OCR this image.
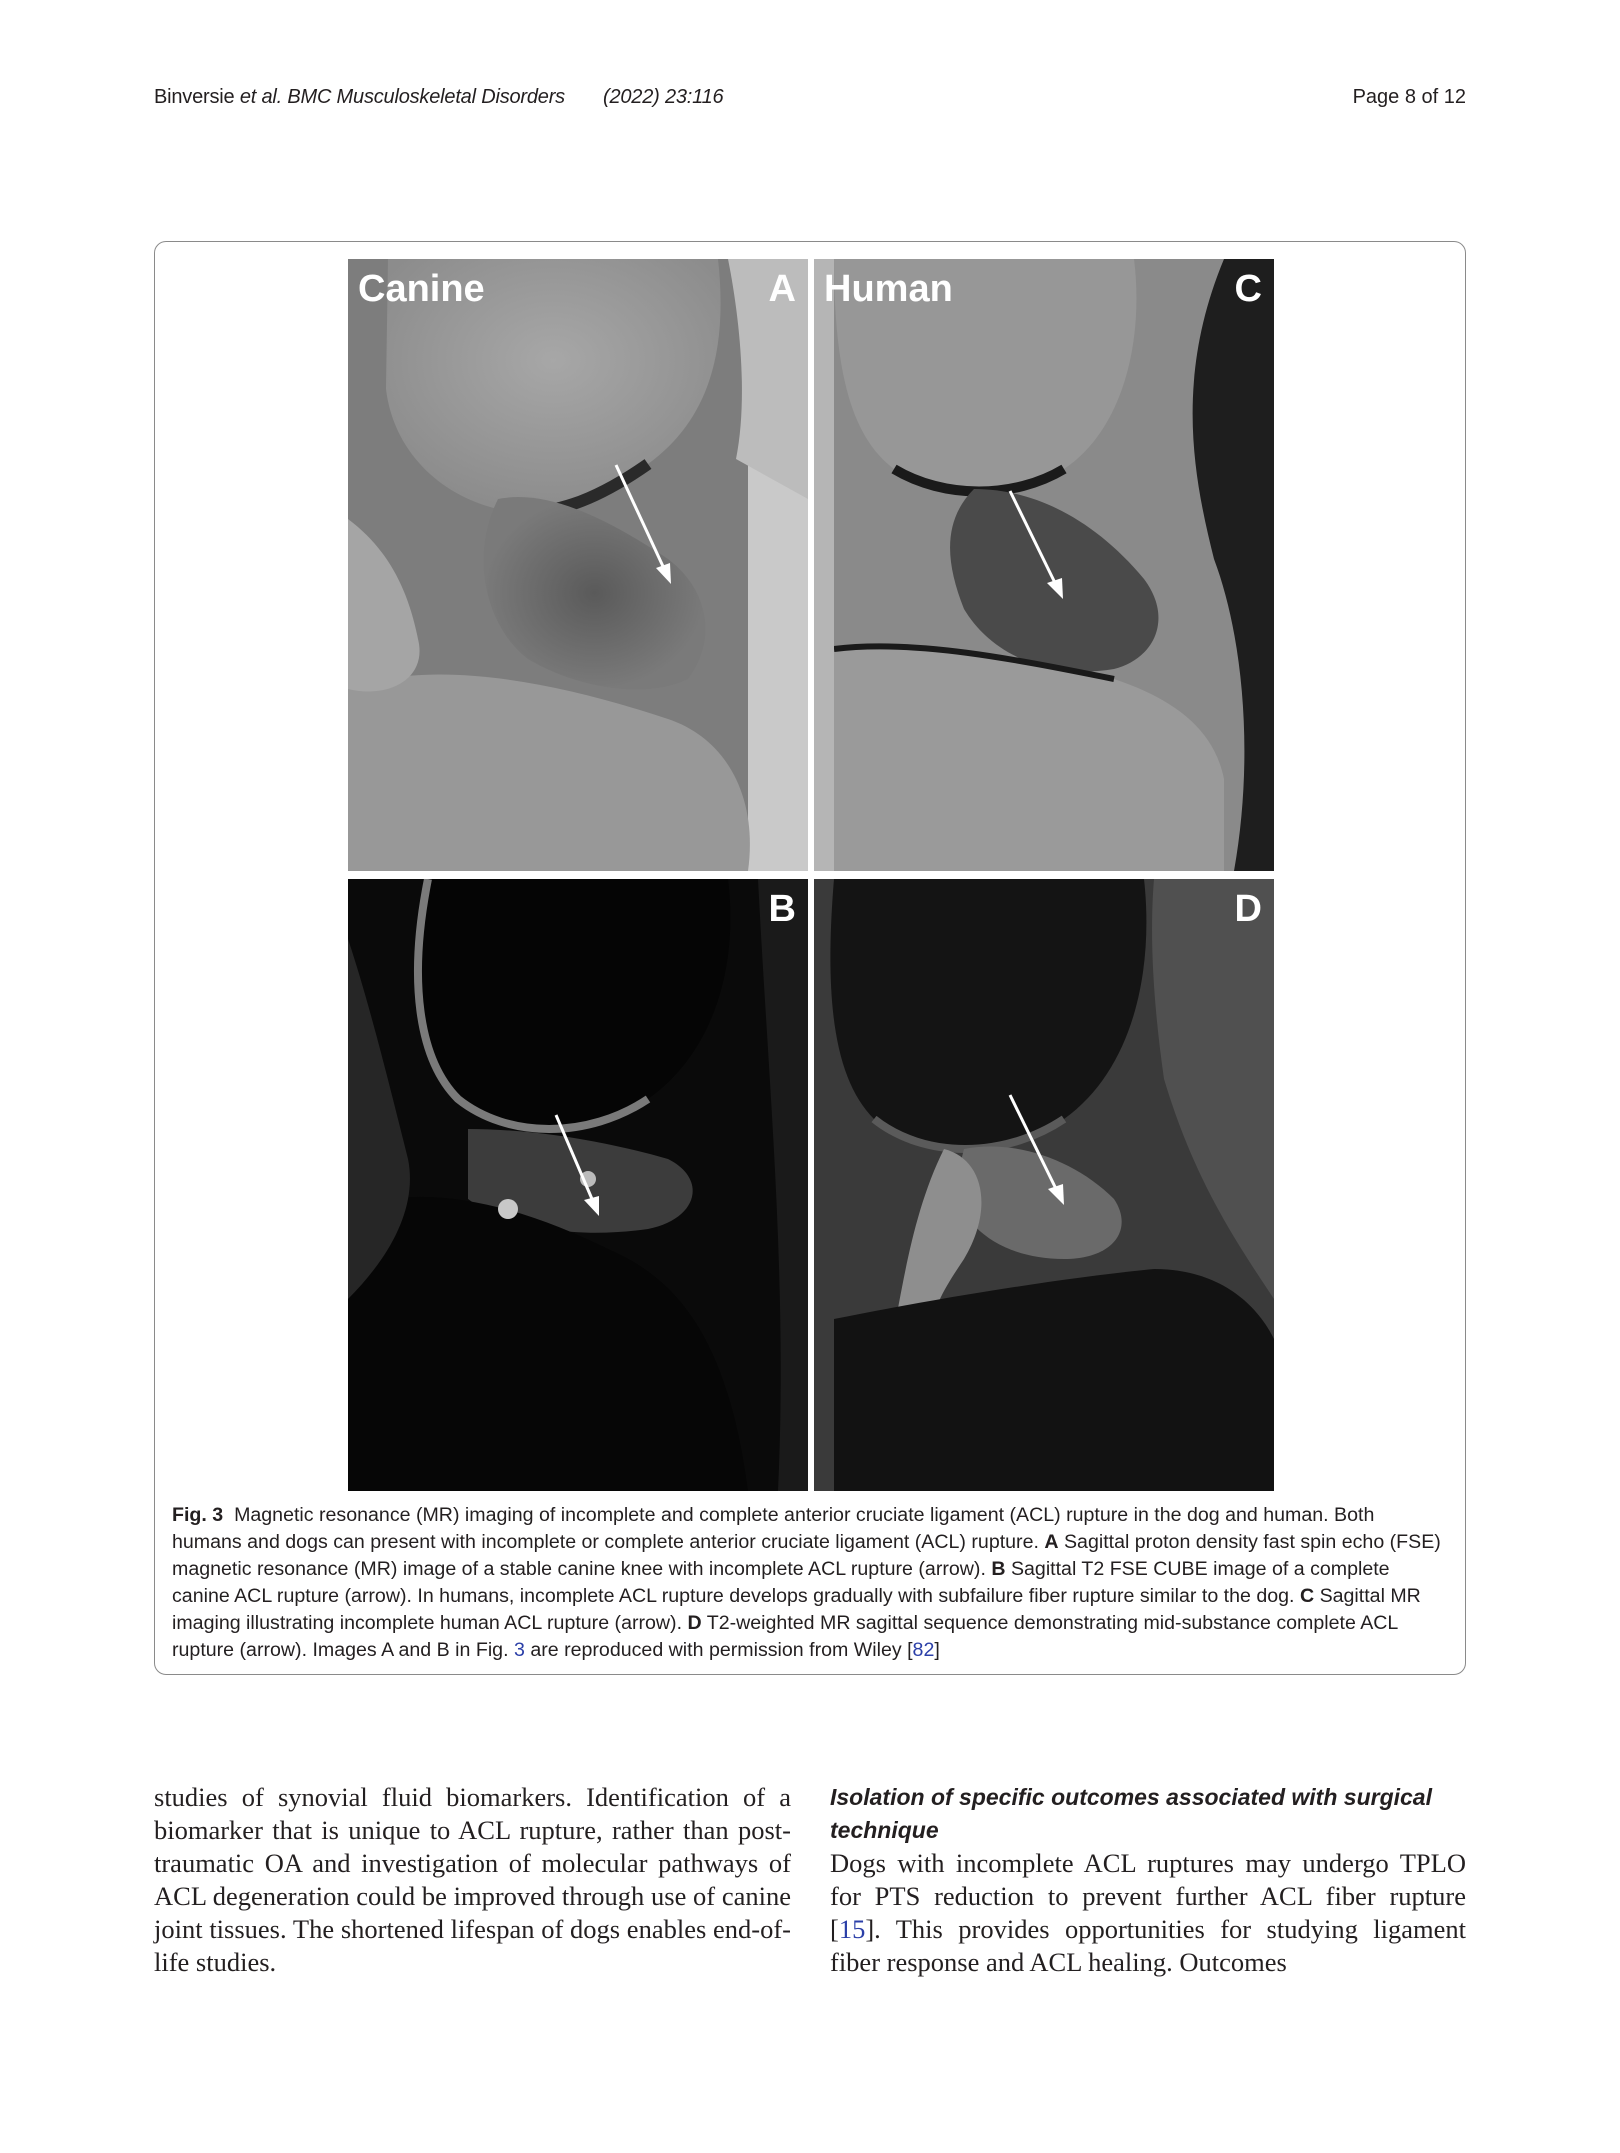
Binversie et al. BMC Musculoskeletal Disorders (2022) 23:116	Page 8 of 12
Canine	A Human	C
B	D
Fig. 3 Magnetic resonance (MR) imaging of incomplete and complete anterior cruciate ligament (ACL) rupture in the dog and human. Both humans and dogs can present with incomplete or complete anterior cruciate ligament (ACL) rupture. A Sagittal proton density fast spin echo (FSE) magnetic resonance (MR) image of a stable canine knee with incomplete ACL rupture (arrow). B Sagittal T2 FSE CUBE image of a complete canine ACL rupture (arrow). In humans, incomplete ACL rupture develops gradually with subfailure fiber rupture similar to the dog. C Sagittal MR imaging illustrating incomplete human ACL rupture (arrow). D T2-weighted MR sagittal sequence demonstrating mid-substance complete ACL rupture (arrow). Images A and B in Fig. 3 are reproduced with permission from Wiley [82]
studies of synovial fluid biomarkers. Identification of a biomarker that is unique to ACL rupture, rather than post-traumatic OA and investigation of molecular pathways of ACL degeneration could be improved through use of canine joint tissues. The shortened lifespan of dogs enables end-of-life studies.
Isolation of specific outcomes associated with surgical technique
Dogs with incomplete ACL ruptures may undergo TPLO for PTS reduction to prevent further ACL fiber rupture [15]. This provides opportunities for studying ligament fiber response and ACL healing. Outcomes
